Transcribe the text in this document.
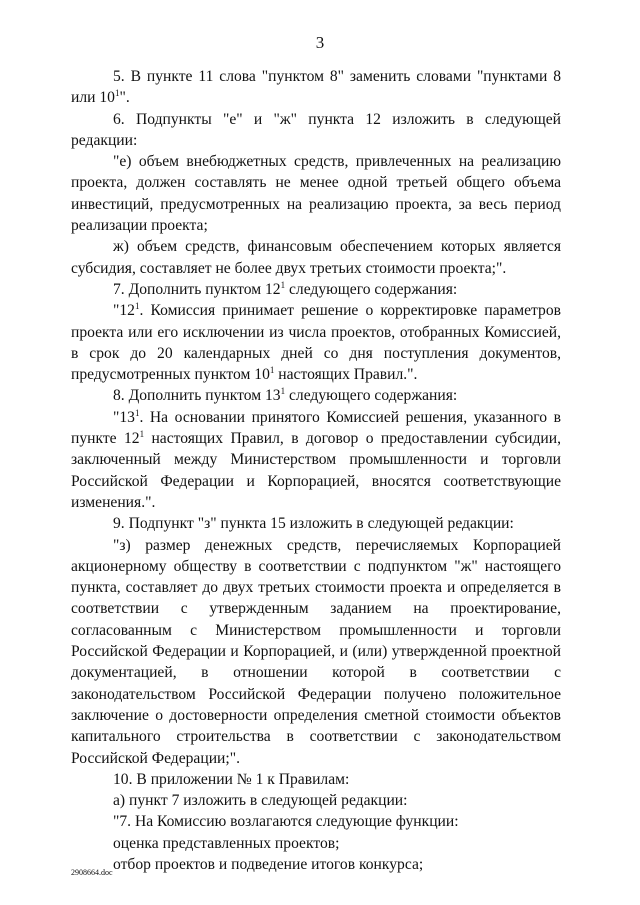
3

5. В пункте 11 слова "пунктом 8" заменить словами "пунктами 8 или $10^1$".

6. Подпункты "е" и "ж" пункта 12 изложить в следующей редакции:

"е) объем внебюджетных средств, привлеченных на реализацию проекта, должен составлять не менее одной третьей общего объема инвестиций, предусмотренных на реализацию проекта, за весь период реализации проекта;

ж) объем средств, финансовым обеспечением которых является субсидия, составляет не более двух третьих стоимости проекта;".

7. Дополнить пунктом $12^1$ следующего содержания:

"$12^1$. Комиссия принимает решение о корректировке параметров проекта или его исключении из числа проектов, отобранных Комиссией, в срок до 20 календарных дней со дня поступления документов, предусмотренных пунктом $10^1$ настоящих Правил.".

8. Дополнить пунктом $13^1$ следующего содержания:

"$13^1$. На основании принятого Комиссией решения, указанного в пункте $12^1$ настоящих Правил, в договор о предоставлении субсидии, заключенный между Министерством промышленности и торговли Российской Федерации и Корпорацией, вносятся соответствующие изменения.".

9. Подпункт "з" пункта 15 изложить в следующей редакции:

"з) размер денежных средств, перечисляемых Корпорацией акционерному обществу в соответствии с подпунктом "ж" настоящего пункта, составляет до двух третьих стоимости проекта и определяется в соответствии с утвержденным заданием на проектирование, согласованным с Министерством промышленности и торговли Российской Федерации и Корпорацией, и (или) утвержденной проектной документацией, в отношении которой в соответствии с законодательством Российской Федерации получено положительное заключение о достоверности определения сметной стоимости объектов капитального строительства в соответствии с законодательством Российской Федерации;".

10. В приложении № 1 к Правилам:

а) пункт 7 изложить в следующей редакции:

"7. На Комиссию возлагаются следующие функции:

оценка представленных проектов;

отбор проектов и подведение итогов конкурса;

2908664.doc
